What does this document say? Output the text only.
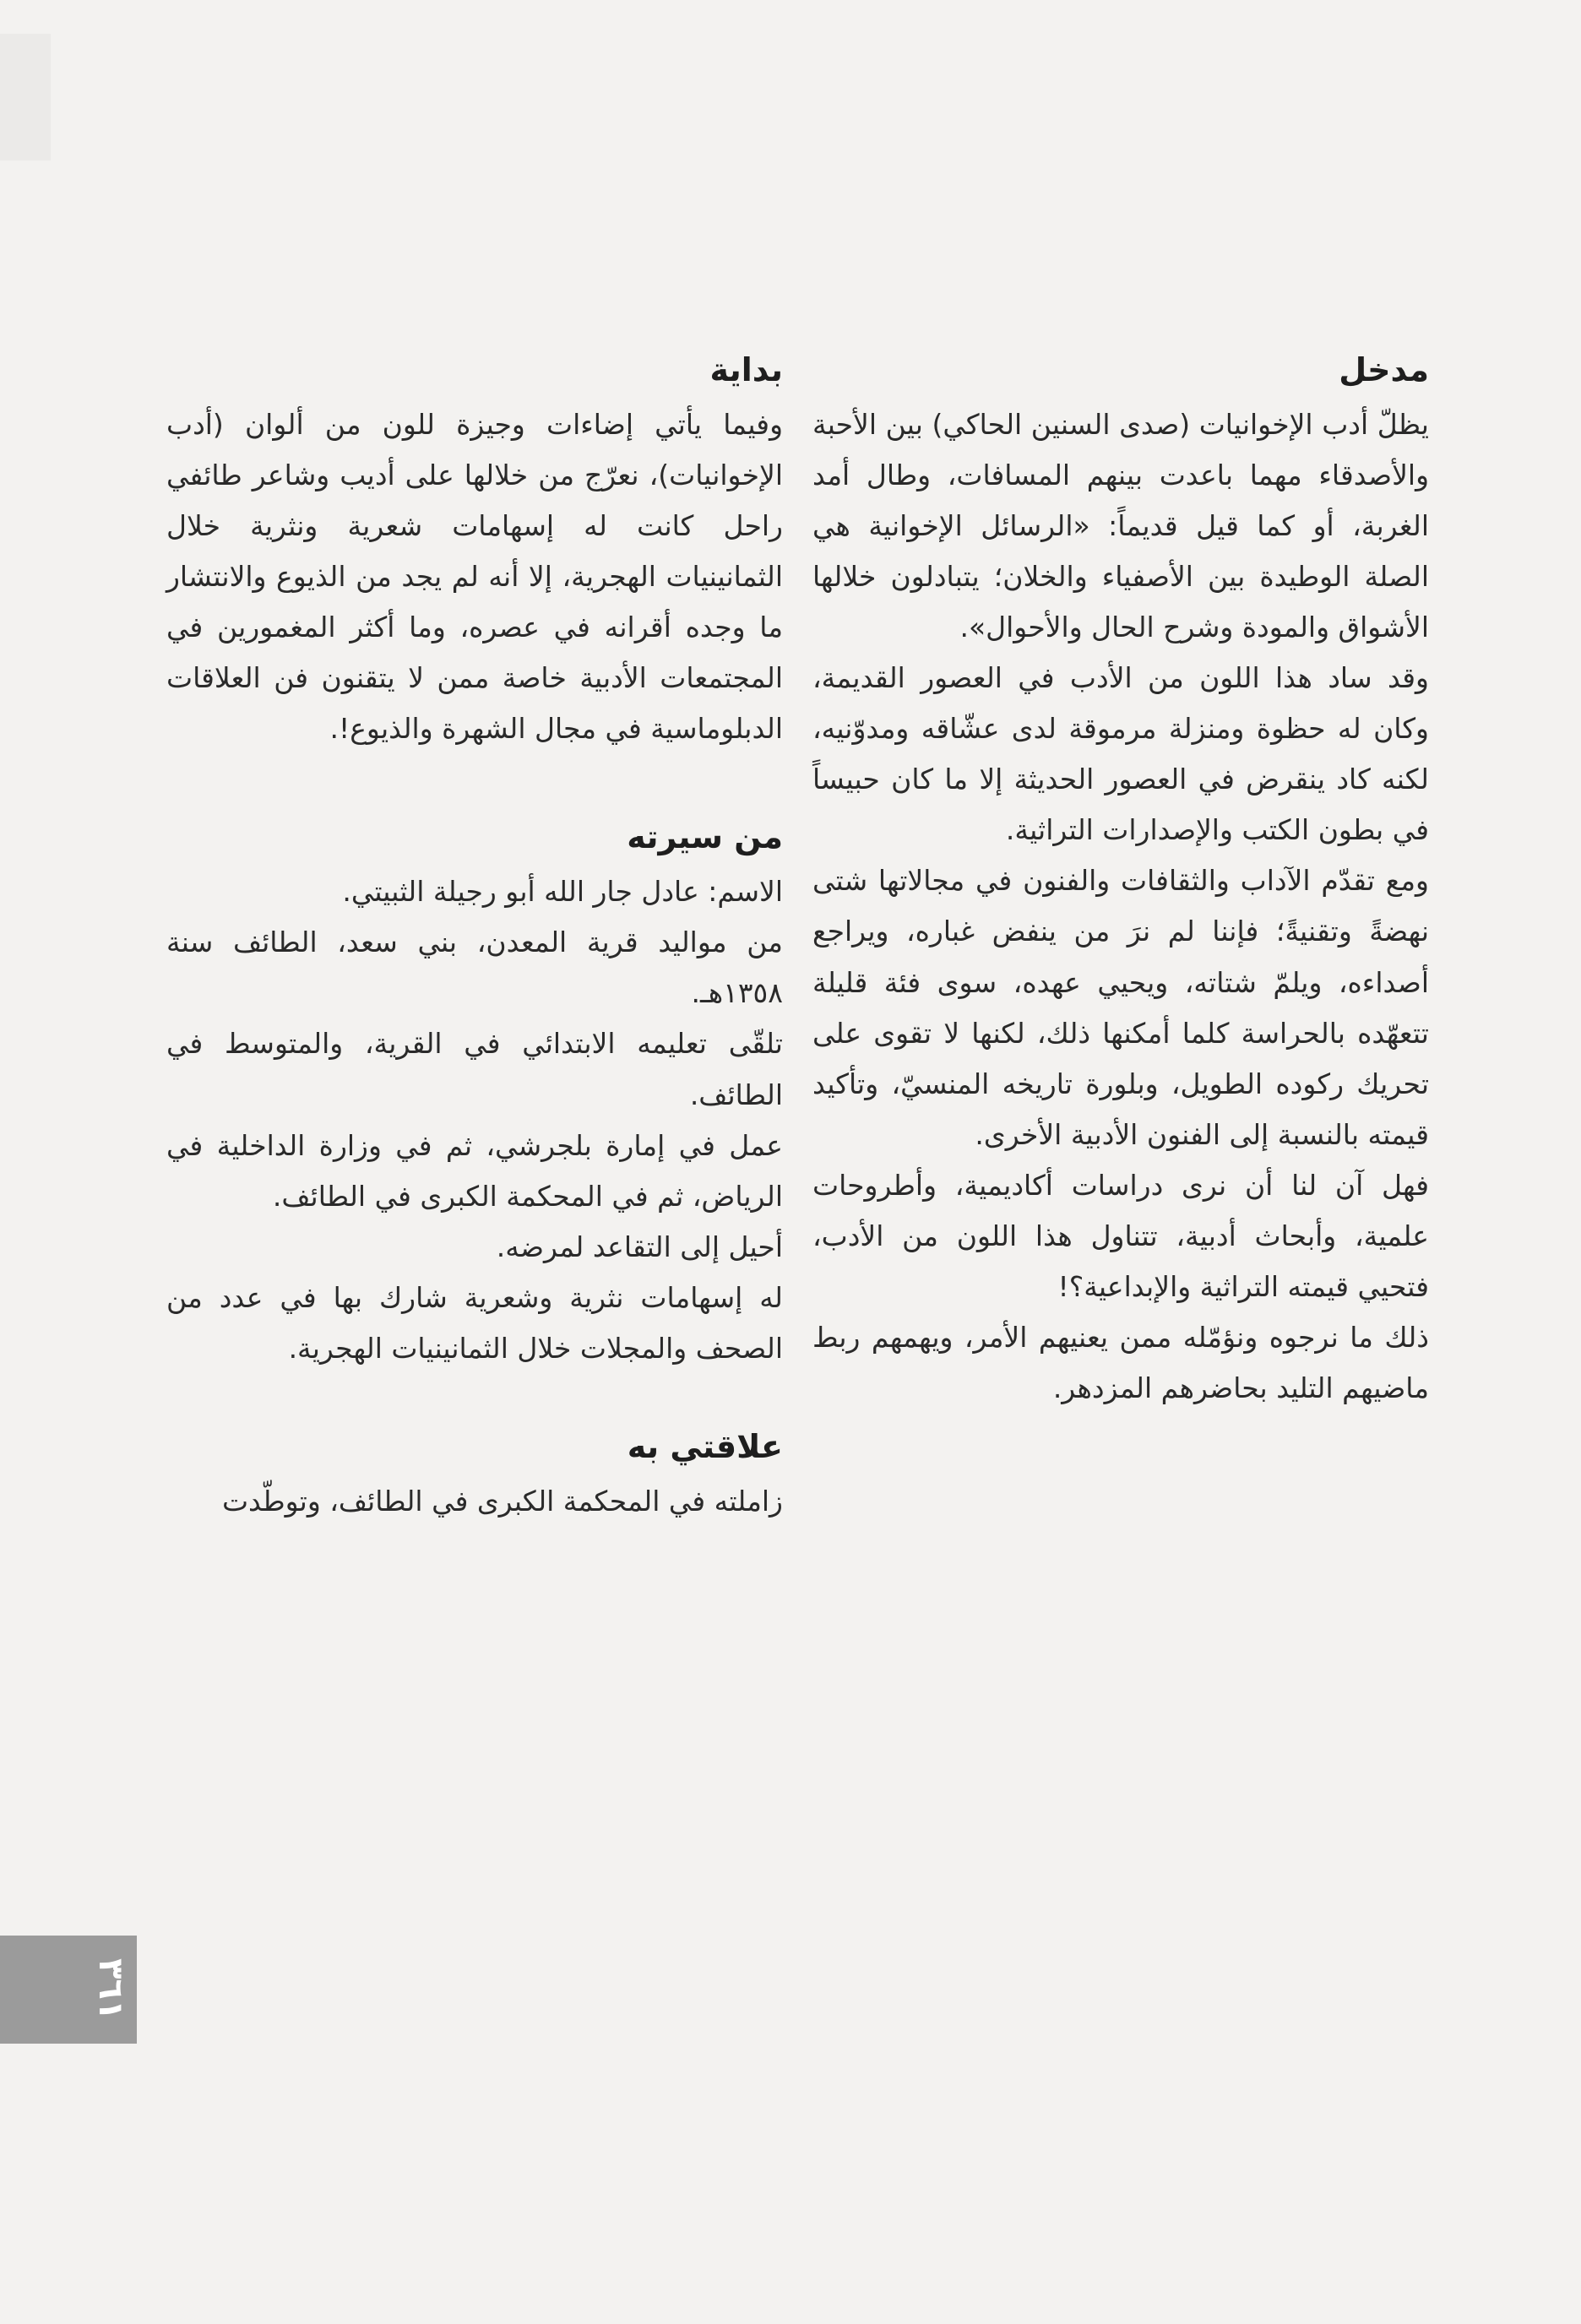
مدخل

يظلّ أدب الإخوانيات (صدى السنين الحاكي) بين الأحبة والأصدقاء مهما باعدت بينهم المسافات، وطال أمد الغربة، أو كما قيل قديماً: «الرسائل الإخوانية هي الصلة الوطيدة بين الأصفياء والخلان؛ يتبادلون خلالها الأشواق والمودة وشرح الحال والأحوال».

وقد ساد هذا اللون من الأدب في العصور القديمة، وكان له حظوة ومنزلة مرموقة لدى عشّاقه ومدوّنيه، لكنه كاد ينقرض في العصور الحديثة إلا ما كان حبيساً في بطون الكتب والإصدارات التراثية.

ومع تقدّم الآداب والثقافات والفنون في مجالاتها شتى نهضةً وتقنيةً؛ فإننا لم نرَ من ينفض غباره، ويراجع أصداءه، ويلمّ شتاته، ويحيي عهده، سوى فئة قليلة تتعهّده بالحراسة كلما أمكنها ذلك، لكنها لا تقوى على تحريك ركوده الطويل، وبلورة تاريخه المنسيّ، وتأكيد قيمته بالنسبة إلى الفنون الأدبية الأخرى.

فهل آن لنا أن نرى دراسات أكاديمية، وأطروحات علمية، وأبحاث أدبية، تتناول هذا اللون من الأدب، فتحيي قيمته التراثية والإبداعية؟!

ذلك ما نرجوه ونؤمّله ممن يعنيهم الأمر، ويهمهم ربط ماضيهم التليد بحاضرهم المزدهر.

بداية

وفيما يأتي إضاءات وجيزة للون من ألوان (أدب الإخوانيات)، نعرّج من خلالها على أديب وشاعر طائفي راحل كانت له إسهامات شعرية ونثرية خلال الثمانينيات الهجرية، إلا أنه لم يجد من الذيوع والانتشار ما وجده أقرانه في عصره، وما أكثر المغمورين في المجتمعات الأدبية خاصة ممن لا يتقنون فن العلاقات الدبلوماسية في مجال الشهرة والذيوع!.

من سيرته

الاسم: عادل جار الله أبو رجيلة الثبيتي.

من مواليد قرية المعدن، بني سعد، الطائف سنة ١٣٥٨هـ.

تلقّى تعليمه الابتدائي في القرية، والمتوسط في الطائف.

عمل في إمارة بلجرشي، ثم في وزارة الداخلية في الرياض، ثم في المحكمة الكبرى في الطائف.

أحيل إلى التقاعد لمرضه.

له إسهامات نثرية وشعرية شارك بها في عدد من الصحف والمجلات خلال الثمانينيات الهجرية.

علاقتي به

زاملته في المحكمة الكبرى في الطائف، وتوطّدت

٣٦١
